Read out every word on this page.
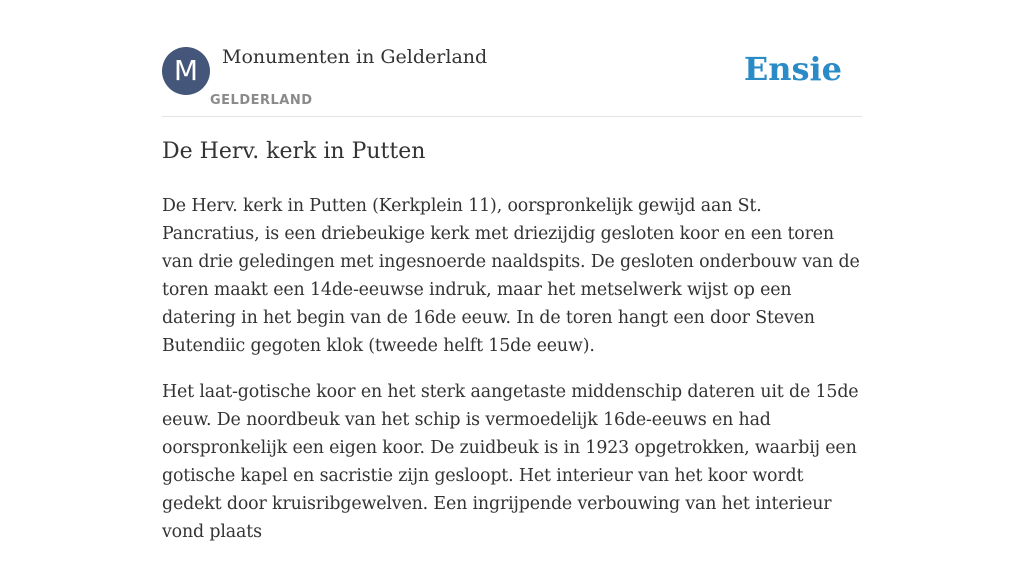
M	Monumenten in Gelderland
GELDERLAND
Ensie
De Herv. kerk in Putten

De Herv. kerk in Putten (Kerkplein 11), oorspronkelijk gewijd aan St. Pancratius, is een driebeukige kerk met driezijdig gesloten koor en een toren van drie geledingen met ingesnoerde naaldspits. De gesloten onderbouw van de toren maakt een 14de-eeuwse indruk, maar het metselwerk wijst op een datering in het begin van de 16de eeuw. In de toren hangt een door Steven Butendiic gegoten klok (tweede helft 15de eeuw).

Het laat-gotische koor en het sterk aangetaste middenschip dateren uit de 15de eeuw. De noordbeuk van het schip is vermoedelijk 16de-eeuws en had oorspronkelijk een eigen koor. De zuidbeuk is in 1923 opgetrokken, waarbij een gotische kapel en sacristie zijn gesloopt. Het interieur van het koor wordt gedekt door kruisribgewelven. Een ingrijpende verbouwing van het interieur vond plaats
